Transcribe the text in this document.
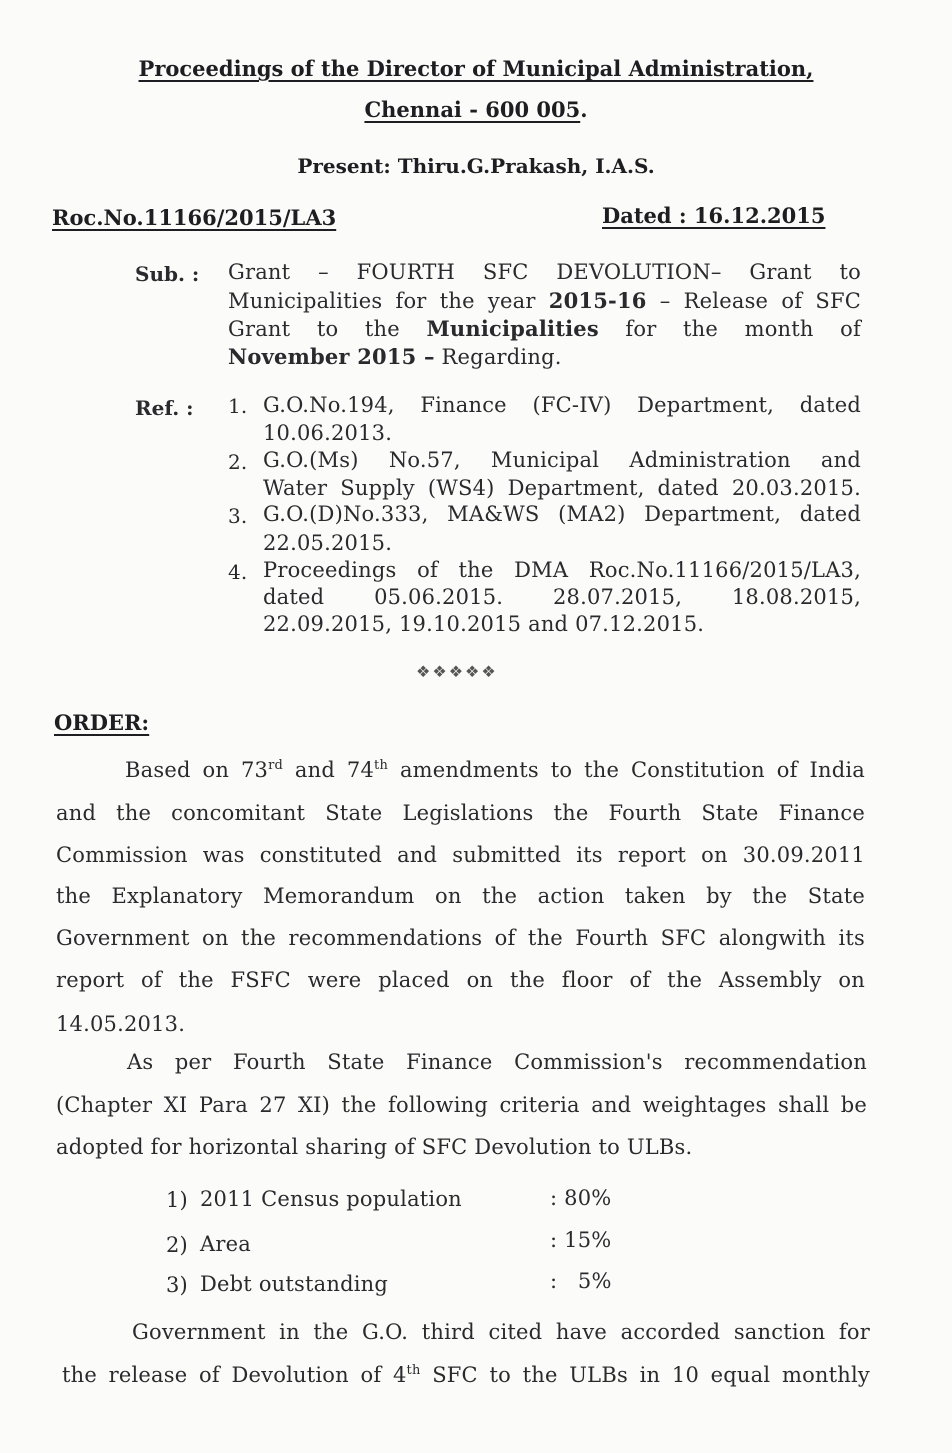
Proceedings of the Director of Municipal Administration,
Chennai - 600 005.
Present: Thiru.G.Prakash, I.A.S.
Roc.No.11166/2015/LA3	Dated : 16.12.2015
Sub. : Grant – FOURTH SFC DEVOLUTION– Grant to
Municipalities for the year 2015-16 – Release of SFC
Grant to the Municipalities for the month of
November 2015 – Regarding.
Ref. : 1. G.O.No.194, Finance (FC-IV) Department, dated
10.06.2013.
2. G.O.(Ms) No.57, Municipal Administration and
Water Supply (WS4) Department, dated 20.03.2015.
3. G.O.(D)No.333, MA&WS (MA2) Department, dated
22.05.2015.
4. Proceedings of the DMA Roc.No.11166/2015/LA3,
dated 05.06.2015. 28.07.2015, 18.08.2015,
22.09.2015, 19.10.2015 and 07.12.2015.
❖❖❖❖❖
ORDER:
Based on 73rd and 74th amendments to the Constitution of India
and the concomitant State Legislations the Fourth State Finance
Commission was constituted and submitted its report on 30.09.2011
the Explanatory Memorandum on the action taken by the State
Government on the recommendations of the Fourth SFC alongwith its
report of the FSFC were placed on the floor of the Assembly on
14.05.2013.
As per Fourth State Finance Commission's recommendation
(Chapter XI Para 27 XI) the following criteria and weightages shall be
adopted for horizontal sharing of SFC Devolution to ULBs.
1) 2011 Census population	: 80%
2) Area	: 15%
3) Debt outstanding	:   5%
Government in the G.O. third cited have accorded sanction for
the release of Devolution of 4th SFC to the ULBs in 10 equal monthly
